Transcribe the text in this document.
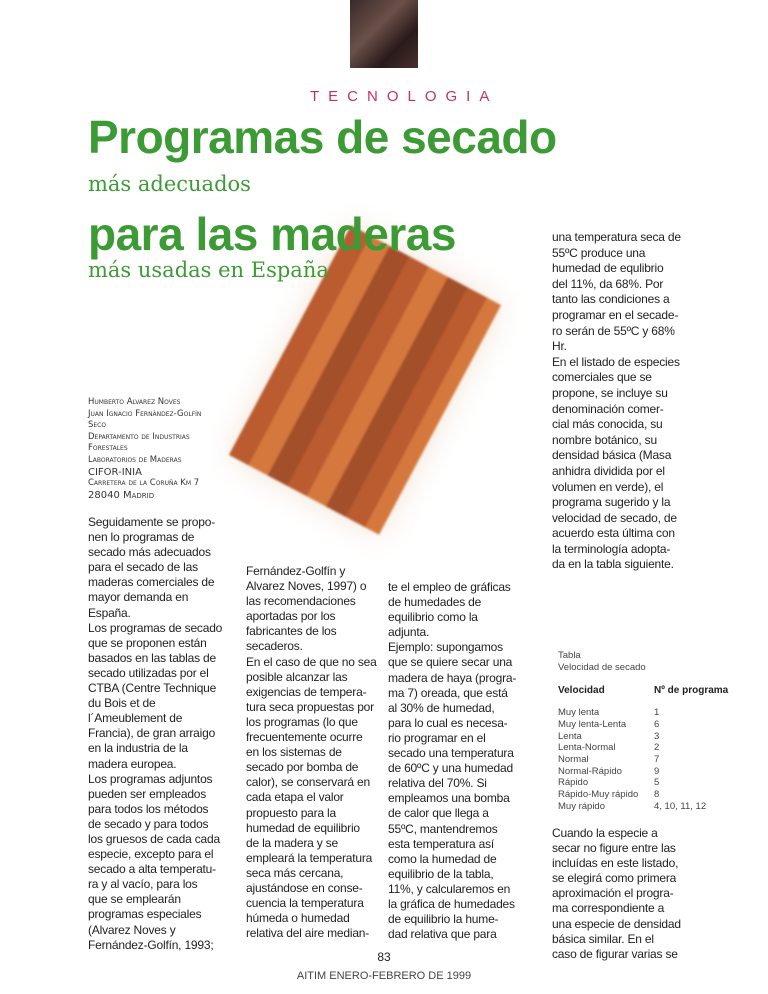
TECNOLOGIA
Programas de secado
más adecuados
para las maderas
más usadas en España
Humberto Alvarez Noves
Juan Ignacio Fernández-Golfín
Seco
Departamento de Industrias
Forestales
Laboratorios de Maderas
CIFOR-INIA
Carretera de la Coruña Km 7
28040 Madrid
Seguidamente se propo-
nen lo programas de
secado más adecuados
para el secado de las
maderas comerciales de
mayor demanda en
España.
Los programas de secado
que se proponen están
basados en las tablas de
secado utilizadas por el
CTBA (Centre Technique
du Bois et de
l´Ameublement de
Francia), de gran arraigo
en la industria de la
madera europea.
Los programas adjuntos
pueden ser empleados
para todos los métodos
de secado y para todos
los gruesos de cada cada
especie, excepto para el
secado a alta temperatu-
ra y al vacío, para los
que se emplearán
programas especiales
(Alvarez Noves y
Fernández-Golfín, 1993;
Fernández-Golfín y
Alvarez Noves, 1997) o
las recomendaciones
aportadas por los
fabricantes de los
secaderos.
En el caso de que no sea
posible alcanzar las
exigencias de tempera-
tura seca propuestas por
los programas (lo que
frecuentemente ocurre
en los sistemas de
secado por bomba de
calor), se conservará en
cada etapa el valor
propuesto para la
humedad de equilibrio
de la madera y se
empleará la temperatura
seca más cercana,
ajustándose en conse-
cuencia la temperatura
húmeda o humedad
relativa del aire median-
te el empleo de gráficas
de humedades de
equilibrio como la
adjunta.
Ejemplo: supongamos
que se quiere secar una
madera de haya (progra-
ma 7) oreada, que está
al 30% de humedad,
para lo cual es necesa-
rio programar en el
secado una temperatura
de 60ºC y una humedad
relativa del 70%. Si
empleamos una bomba
de calor que llega a
55ºC, mantendremos
esta temperatura así
como la humedad de
equilibrio de la tabla,
11%, y calcularemos en
la gráfica de humedades
de equilibrio la hume-
dad relativa que para
una temperatura seca de
55ºC produce una
humedad de equlibrio
del 11%, da 68%. Por
tanto las condiciones a
programar en el secade-
ro serán de 55ºC y 68%
Hr.
En el listado de especies
comerciales que se
propone, se incluye su
denominación comer-
cial más conocida, su
nombre botánico, su
densidad básica (Masa
anhidra dividida por el
volumen en verde), el
programa sugerido y la
velocidad de secado, de
acuerdo esta última con
la terminología adopta-
da en la tabla siguiente.
Tabla
Velocidad de secado
Velocidad	Nº de programa
Muy lenta	1
Muy lenta-Lenta	6
Lenta	3
Lenta-Normal	2
Normal	7
Normal-Rápido	9
Rápido	5
Rápido-Muy rápido	8
Muy rápido	4, 10, 11, 12
Cuando la especie a
secar no figure entre las
incluídas en este listado,
se elegirá como primera
aproximación el progra-
ma correspondiente a
una especie de densidad
básica similar. En el
caso de figurar varias se
83
AITIM ENERO-FEBRERO DE 1999
